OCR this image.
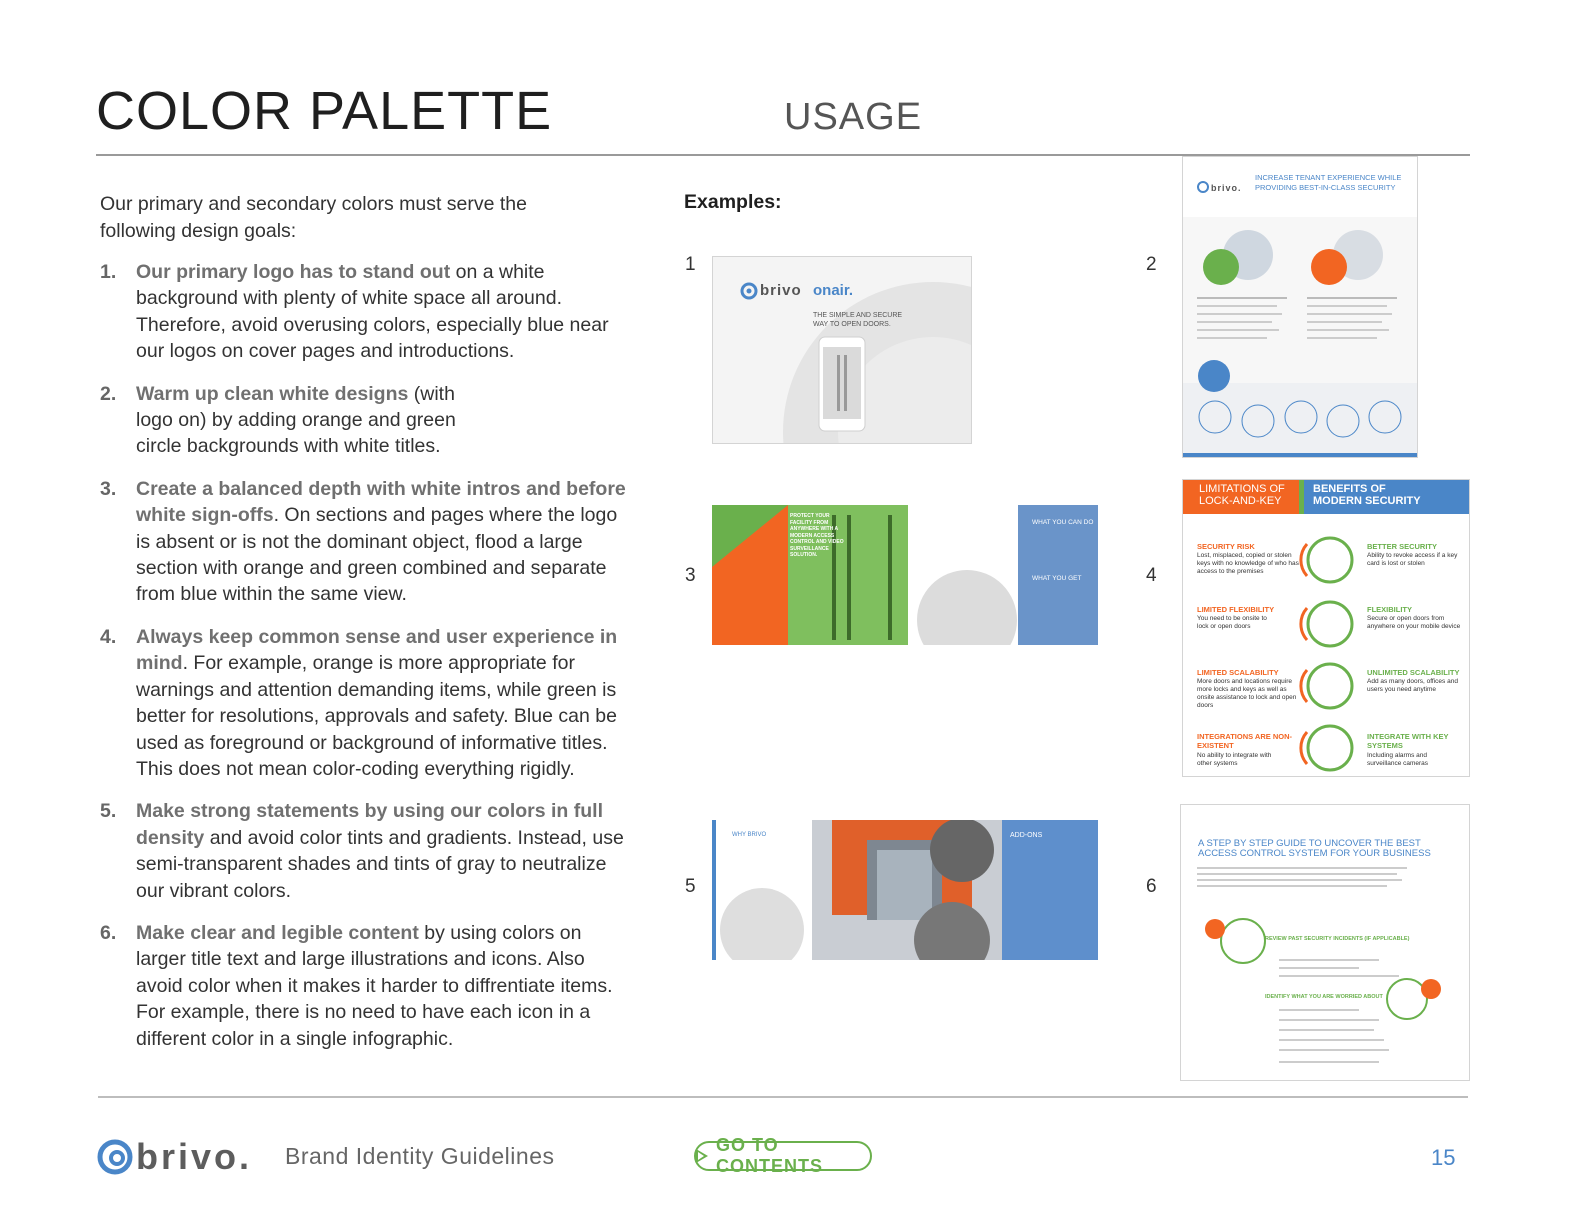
COLOR PALETTE	USAGE
Our primary and secondary colors must serve the following design goals:
1. Our primary logo has to stand out on a white background with plenty of white space all around. Therefore, avoid overusing colors, especially blue near our logos on cover pages and introductions.
2. Warm up clean white designs (with logo on) by adding orange and green circle backgrounds with white titles.
3. Create a balanced depth with white intros and before white sign-offs. On sections and pages where the logo is absent or is not the dominant object, flood a large section with orange and green combined and separate from blue within the same view.
4. Always keep common sense and user experience in mind. For example, orange is more appropriate for warnings and attention demanding items, while green is better for resolutions, approvals and safety. Blue can be used as foreground or background of informative titles. This does not mean color-coding everything rigidly.
5. Make strong statements by using our colors in full density and avoid color tints and gradients. Instead, use semi-transparent shades and tints of gray to neutralize our vibrant colors.
6. Make clear and legible content by using colors on larger title text and large illustrations and icons. Also avoid color when it makes it harder to diffrentiate items. For example, there is no need to have each icon in a different color in a single infographic.
Examples:
1	2
3	4
5	6
brivo onair.
THE SIMPLE AND SECURE
WAY TO OPEN DOORS.
brivo.
INCREASE TENANT EXPERIENCE WHILE
PROVIDING BEST-IN-CLASS SECURITY
PROTECT YOUR FACILITY FROM ANYWHERE WITH A MODERN ACCESS CONTROL AND VIDEO SURVEILLANCE SOLUTION.
WHAT YOU CAN DO
WHAT YOU GET
LIMITATIONS OF
LOCK-AND-KEY
BENEFITS OF
MODERN SECURITY
SECURITY RISK
Lost, misplaced, copied or stolen keys with no knowledge of who has access to the premises
BETTER SECURITY
Ability to revoke access if a key card is lost or stolen
LIMITED FLEXIBILITY
You need to be onsite to lock or open doors
FLEXIBILITY
Secure or open doors from anywhere on your mobile device
LIMITED SCALABILITY
More doors and locations require more locks and keys as well as onsite assistance to lock and open doors
UNLIMITED SCALABILITY
Add as many doors, offices and users you need anytime
INTEGRATIONS ARE NON-EXISTENT
No ability to integrate with other systems
INTEGRATE WITH KEY SYSTEMS
Including alarms and surveillance cameras
WHY BRIVO	ADD-ONS
A STEP BY STEP GUIDE TO UNCOVER THE BEST
ACCESS CONTROL SYSTEM FOR YOUR BUSINESS
REVIEW PAST SECURITY INCIDENTS (IF APPLICABLE)
IDENTIFY WHAT YOU ARE WORRIED ABOUT
brivo. Brand Identity Guidelines	GO TO CONTENTS	15
